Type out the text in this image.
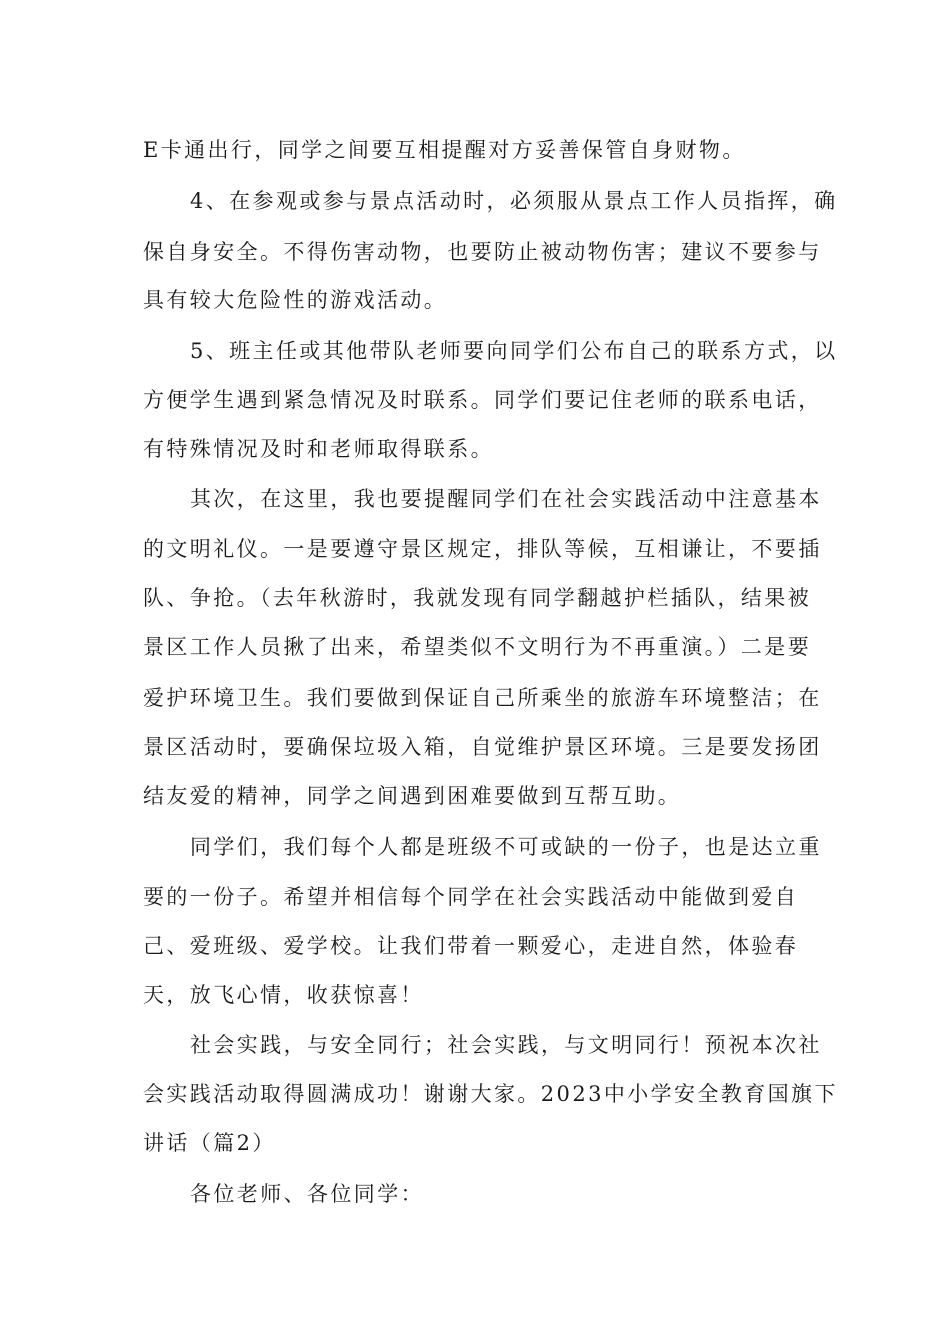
E卡通出行，同学之间要互相提醒对方妥善保管自身财物。
4、在参观或参与景点活动时，必须服从景点工作人员指挥，确
保自身安全。不得伤害动物，也要防止被动物伤害；建议不要参与
具有较大危险性的游戏活动。
5、班主任或其他带队老师要向同学们公布自己的联系方式，以
方便学生遇到紧急情况及时联系。同学们要记住老师的联系电话，
有特殊情况及时和老师取得联系。
其次，在这里，我也要提醒同学们在社会实践活动中注意基本
的文明礼仪。一是要遵守景区规定，排队等候，互相谦让，不要插
队、争抢。（去年秋游时，我就发现有同学翻越护栏插队，结果被
景区工作人员揪了出来，希望类似不文明行为不再重演。）二是要
爱护环境卫生。我们要做到保证自己所乘坐的旅游车环境整洁；在
景区活动时，要确保垃圾入箱，自觉维护景区环境。三是要发扬团
结友爱的精神，同学之间遇到困难要做到互帮互助。
同学们，我们每个人都是班级不可或缺的一份子，也是达立重
要的一份子。希望并相信每个同学在社会实践活动中能做到爱自
己、爱班级、爱学校。让我们带着一颗爱心，走进自然，体验春
天，放飞心情，收获惊喜！
社会实践，与安全同行；社会实践，与文明同行！预祝本次社
会实践活动取得圆满成功！谢谢大家。2023中小学安全教育国旗下
讲话（篇2）
各位老师、各位同学：
